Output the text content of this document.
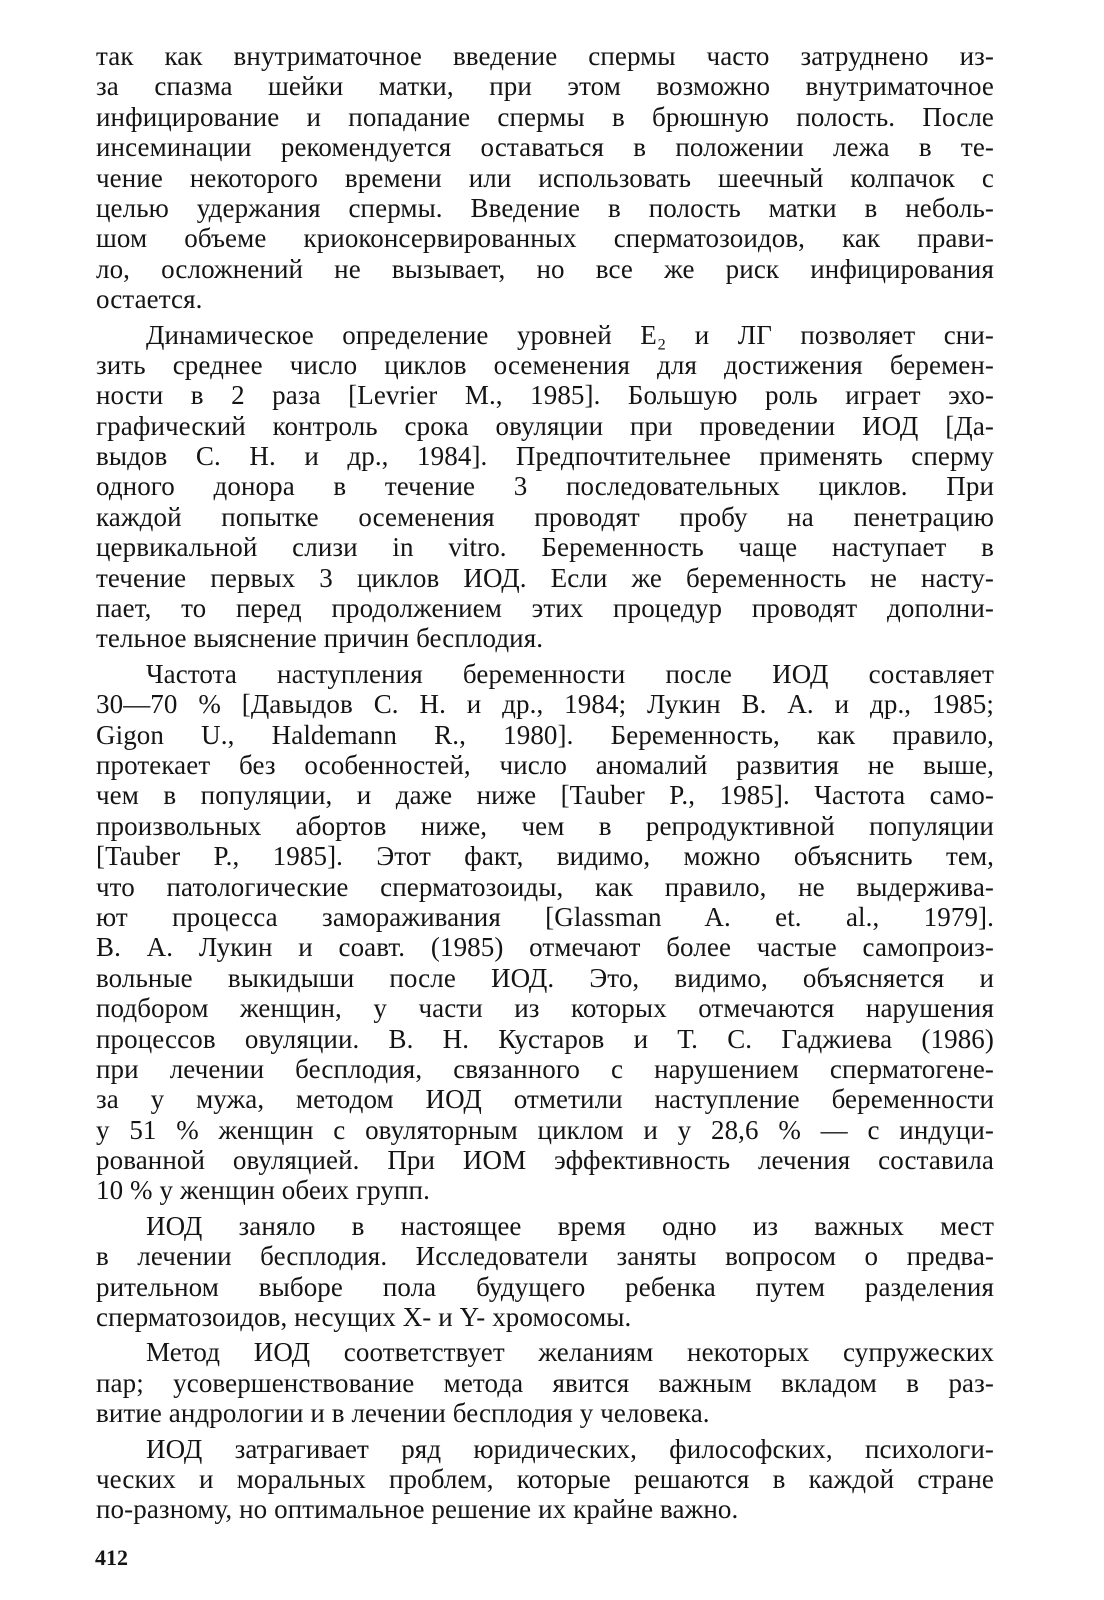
так как внутриматочное введение спермы часто затруднено из-
за спазма шейки матки, при этом возможно внутриматочное
инфицирование и попадание спермы в брюшную полость. После
инсеминации рекомендуется оставаться в положении лежа в те-
чение некоторого времени или использовать шеечный колпачок с
целью удержания спермы. Введение в полость матки в неболь-
шом объеме криоконсервированных сперматозоидов, как прави-
ло, осложнений не вызывает, но все же риск инфицирования
остается.
Динамическое определение уровней E₂ и ЛГ позволяет сни-
зить среднее число циклов осеменения для достижения беремен-
ности в 2 раза [Levrier M., 1985]. Большую роль играет эхо-
графический контроль срока овуляции при проведении ИОД [Да-
выдов С. Н. и др., 1984]. Предпочтительнее применять сперму
одного донора в течение 3 последовательных циклов. При
каждой попытке осеменения проводят пробу на пенетрацию
цервикальной слизи in vitro. Беременность чаще наступает в
течение первых 3 циклов ИОД. Если же беременность не насту-
пает, то перед продолжением этих процедур проводят дополни-
тельное выяснение причин бесплодия.
Частота наступления беременности после ИОД составляет
30—70 % [Давыдов С. Н. и др., 1984; Лукин В. А. и др., 1985;
Gigon U., Haldemann R., 1980]. Беременность, как правило,
протекает без особенностей, число аномалий развития не выше,
чем в популяции, и даже ниже [Tauber P., 1985]. Частота само-
произвольных абортов ниже, чем в репродуктивной популяции
[Tauber P., 1985]. Этот факт, видимо, можно объяснить тем,
что патологические сперматозоиды, как правило, не выдержива-
ют процесса замораживания [Glassman A. et. al., 1979].
В. А. Лукин и соавт. (1985) отмечают более частые самопроиз-
вольные выкидыши после ИОД. Это, видимо, объясняется и
подбором женщин, у части из которых отмечаются нарушения
процессов овуляции. В. Н. Кустаров и Т. С. Гаджиева (1986)
при лечении бесплодия, связанного с нарушением сперматогене-
за у мужа, методом ИОД отметили наступление беременности
у 51 % женщин с овуляторным циклом и у 28,6 % — с индуци-
рованной овуляцией. При ИОМ эффективность лечения составила
10 % у женщин обеих групп.
ИОД заняло в настоящее время одно из важных мест
в лечении бесплодия. Исследователи заняты вопросом о предва-
рительном выборе пола будущего ребенка путем разделения
сперматозоидов, несущих X- и Y- хромосомы.
Метод ИОД соответствует желаниям некоторых супружеских
пар; усовершенствование метода явится важным вкладом в раз-
витие андрологии и в лечении бесплодия у человека.
ИОД затрагивает ряд юридических, философских, психологи-
ческих и моральных проблем, которые решаются в каждой стране
по-разному, но оптимальное решение их крайне важно.
412
